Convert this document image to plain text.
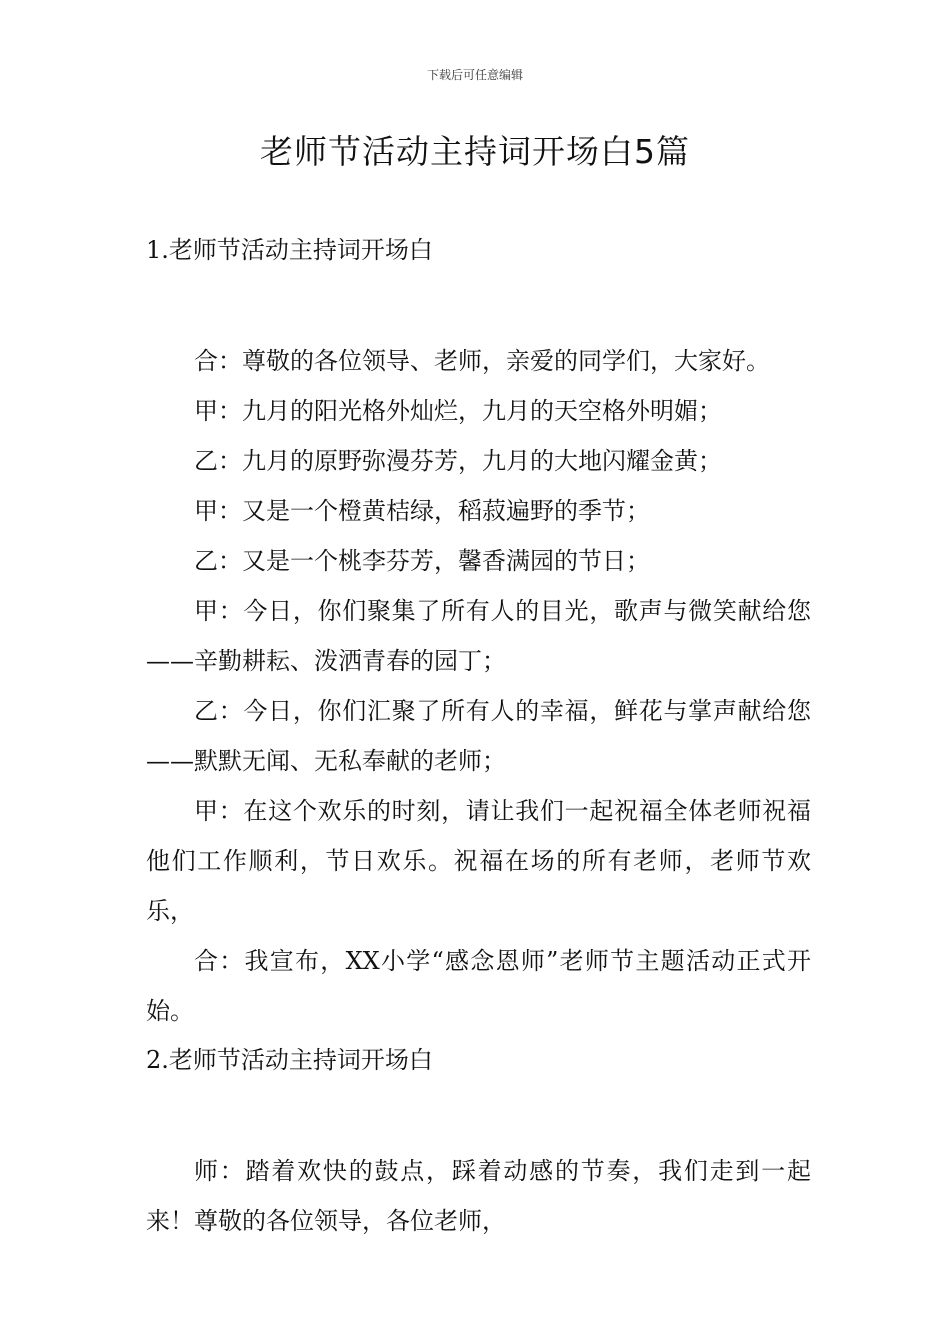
下载后可任意编辑
老师节活动主持词开场白5篇
1.老师节活动主持词开场白

合：尊敬的各位领导、老师，亲爱的同学们，大家好。

甲：九月的阳光格外灿烂，九月的天空格外明媚；

乙：九月的原野弥漫芬芳，九月的大地闪耀金黄；

甲：又是一个橙黄桔绿，稻菽遍野的季节；

乙：又是一个桃李芬芳，馨香满园的节日；

甲：今日，你们聚集了所有人的目光，歌声与微笑献给您——辛勤耕耘、泼洒青春的园丁；

乙：今日，你们汇聚了所有人的幸福，鲜花与掌声献给您——默默无闻、无私奉献的老师；

甲：在这个欢乐的时刻，请让我们一起祝福全体老师祝福他们工作顺利，节日欢乐。祝福在场的所有老师，老师节欢乐，

合：我宣布，XX小学“感念恩师”老师节主题活动正式开始。

2.老师节活动主持词开场白

师：踏着欢快的鼓点，踩着动感的节奏，我们走到一起来！尊敬的各位领导，各位老师，
